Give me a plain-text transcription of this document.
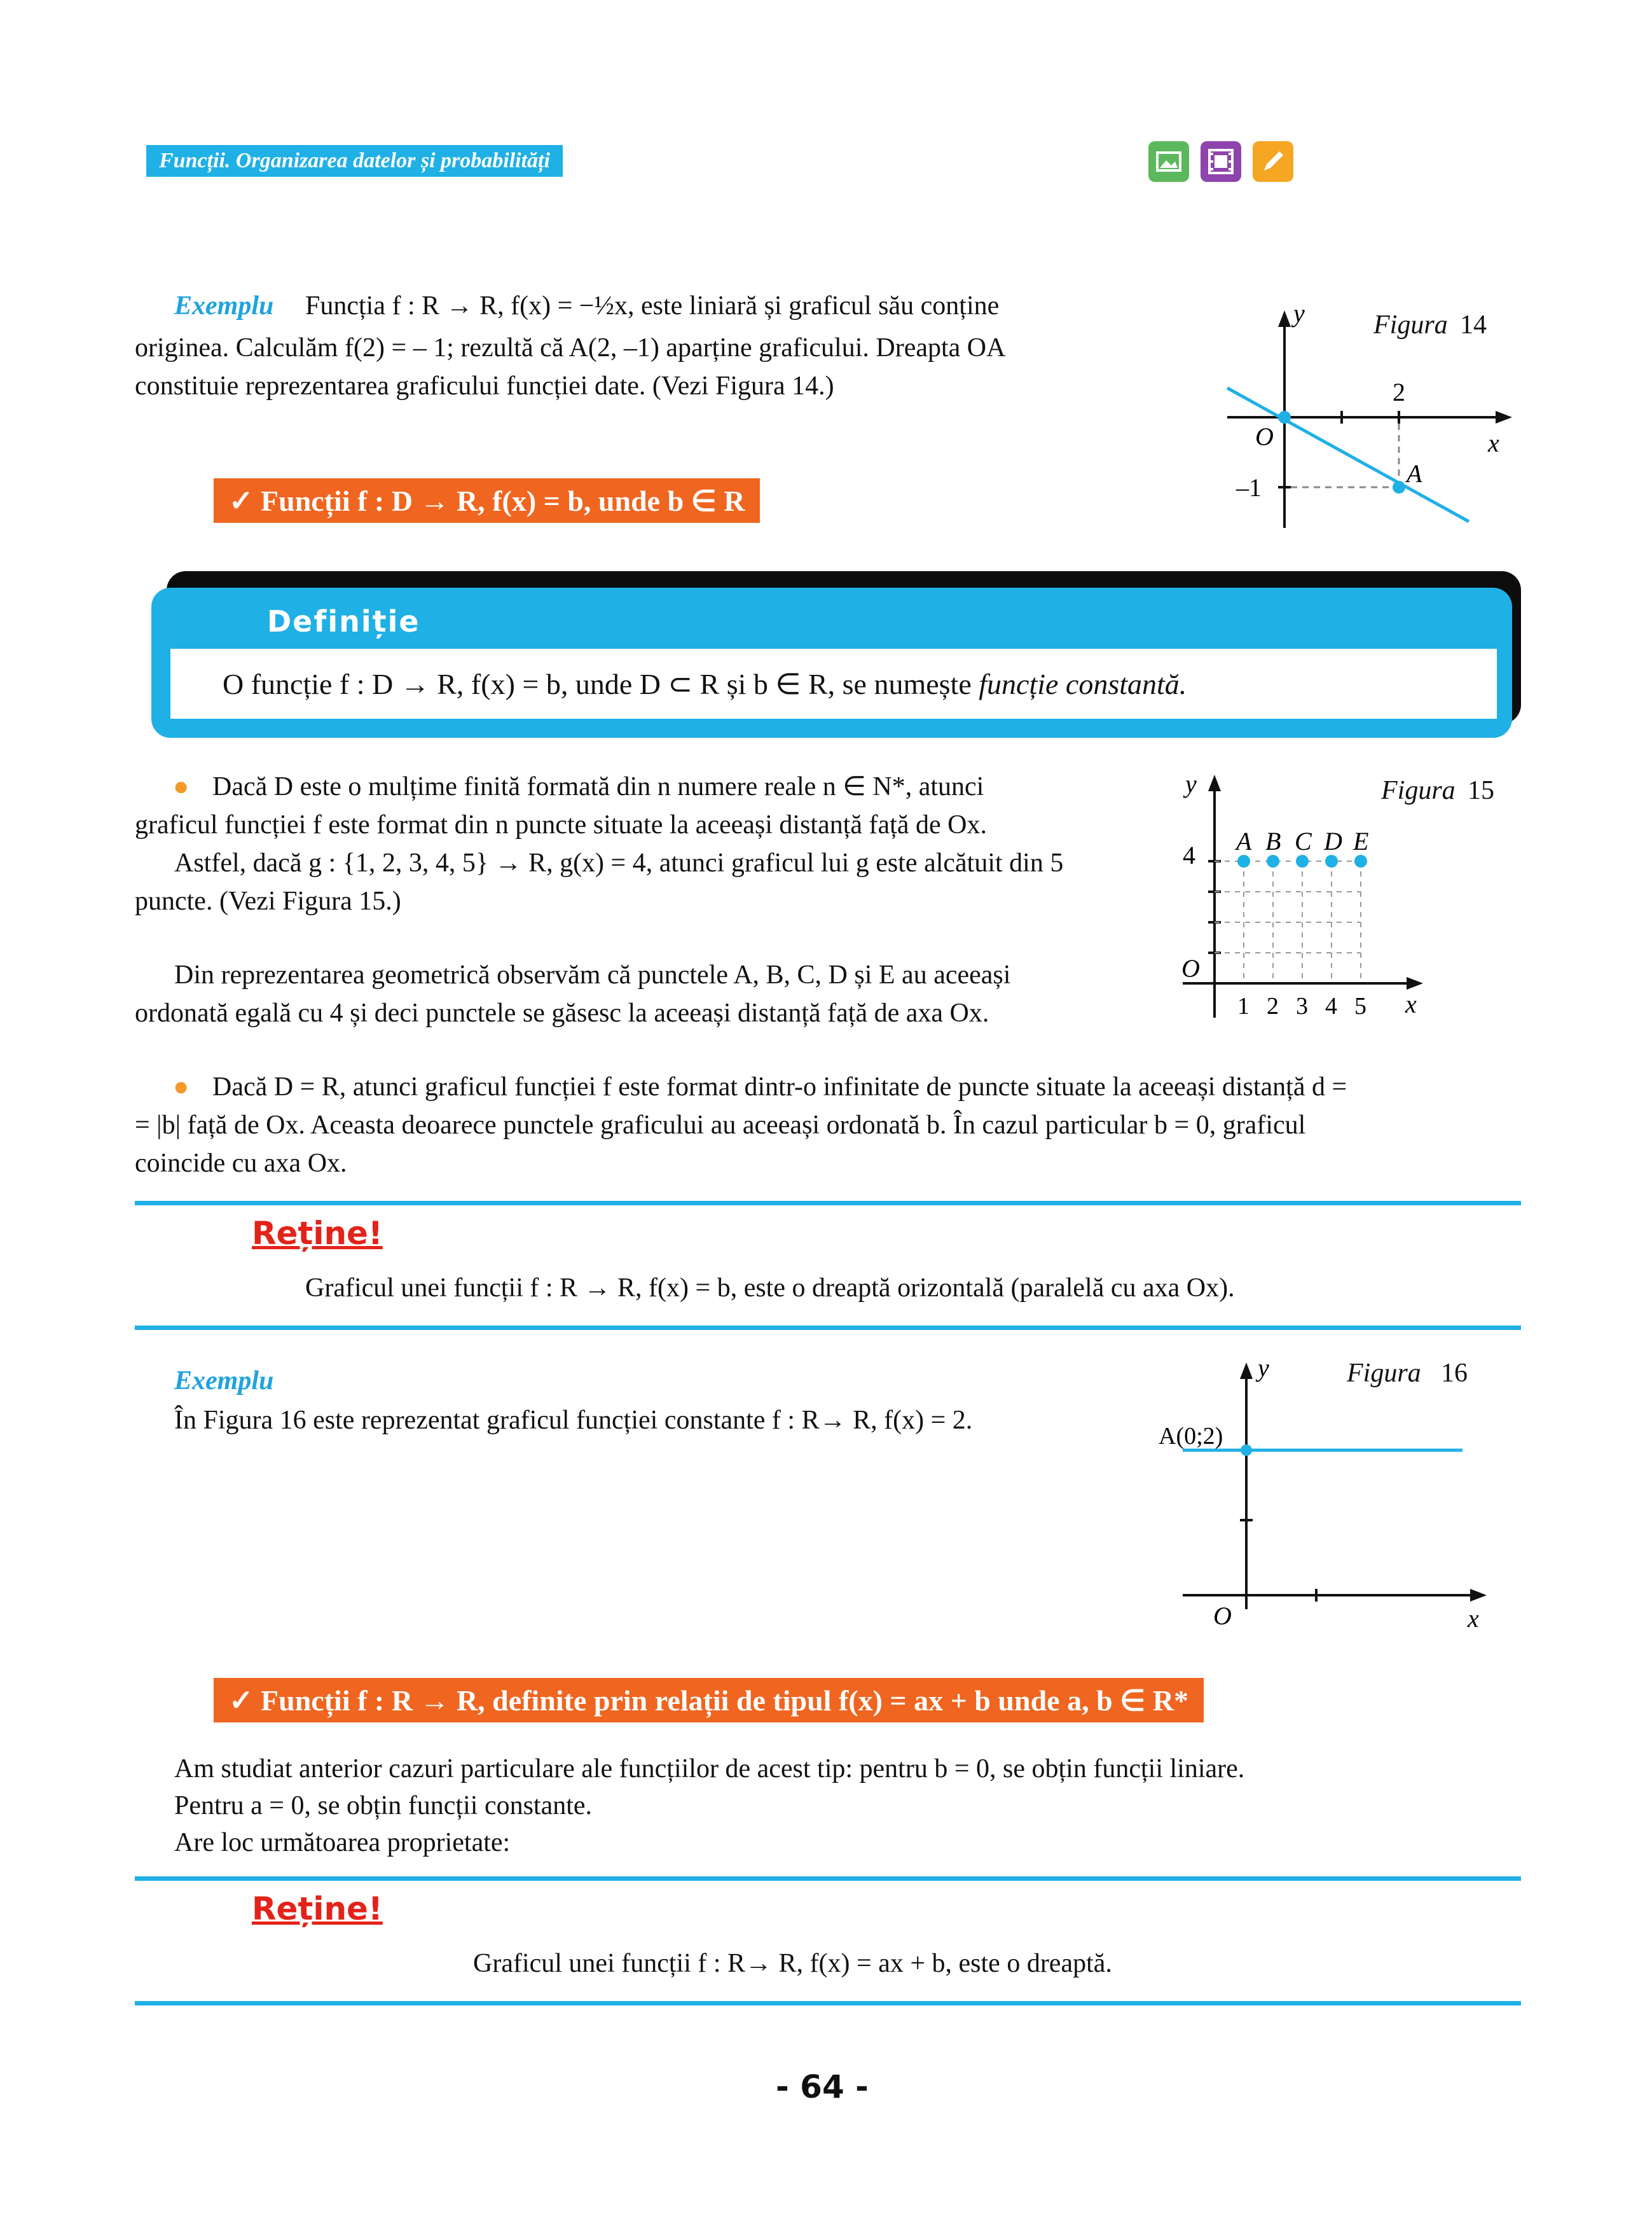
Funcții. Organizarea datelor și probabilități
Exemplu Funcția f : R → R, f(x) = −½x, este liniară și graficul său conține
originea. Calculăm f(2) = – 1; rezultă că A(2, –1) aparține graficului. Dreapta OA
constituie reprezentarea graficului funcției date. (Vezi Figura 14.)
y
x
O
2
–1	A
Figura 14
✓ Funcții f : D → R, f(x) = b, unde b ∈ R
Definiție
O funcție f : D → R, f(x) = b, unde D ⊂ R și b ∈ R, se numește funcție constantă.
● Dacă D este o mulțime finită formată din n numere reale n ∈ N*, atunci
graficul funcției f este format din n puncte situate la aceeași distanță față de Ox.
Astfel, dacă g : {1, 2, 3, 4, 5} → R, g(x) = 4, atunci graficul lui g este alcătuit din 5
puncte. (Vezi Figura 15.)
Din reprezentarea geometrică observăm că punctele A, B, C, D și E au aceeași
ordonată egală cu 4 și deci punctele se găsesc la aceeași distanță față de axa Ox.	1 2 3 4 5
A B C D E
y
x
O
4
Figura 15
● Dacă D = R, atunci graficul funcției f este format dintr-o infinitate de puncte situate la aceeași distanță d =
= |b| față de Ox. Aceasta deoarece punctele graficului au aceeași ordonată b. În cazul particular b = 0, graficul
coincide cu axa Ox.
Reține!
Graficul unei funcții f : R → R, f(x) = b, este o dreaptă orizontală (paralelă cu axa Ox).
Exemplu
În Figura 16 este reprezentat graficul funcției constante f : R→ R, f(x) = 2.
y
x
O
A(0;2)
Figura 16
✓ Funcții f : R → R, definite prin relații de tipul f(x) = ax + b unde a, b ∈ R*
Am studiat anterior cazuri particulare ale funcțiilor de acest tip: pentru b = 0, se obțin funcții liniare.
Pentru a = 0, se obțin funcții constante.
Are loc următoarea proprietate:
Reține!
Graficul unei funcții f : R→ R, f(x) = ax + b, este o dreaptă.
- 64 -
